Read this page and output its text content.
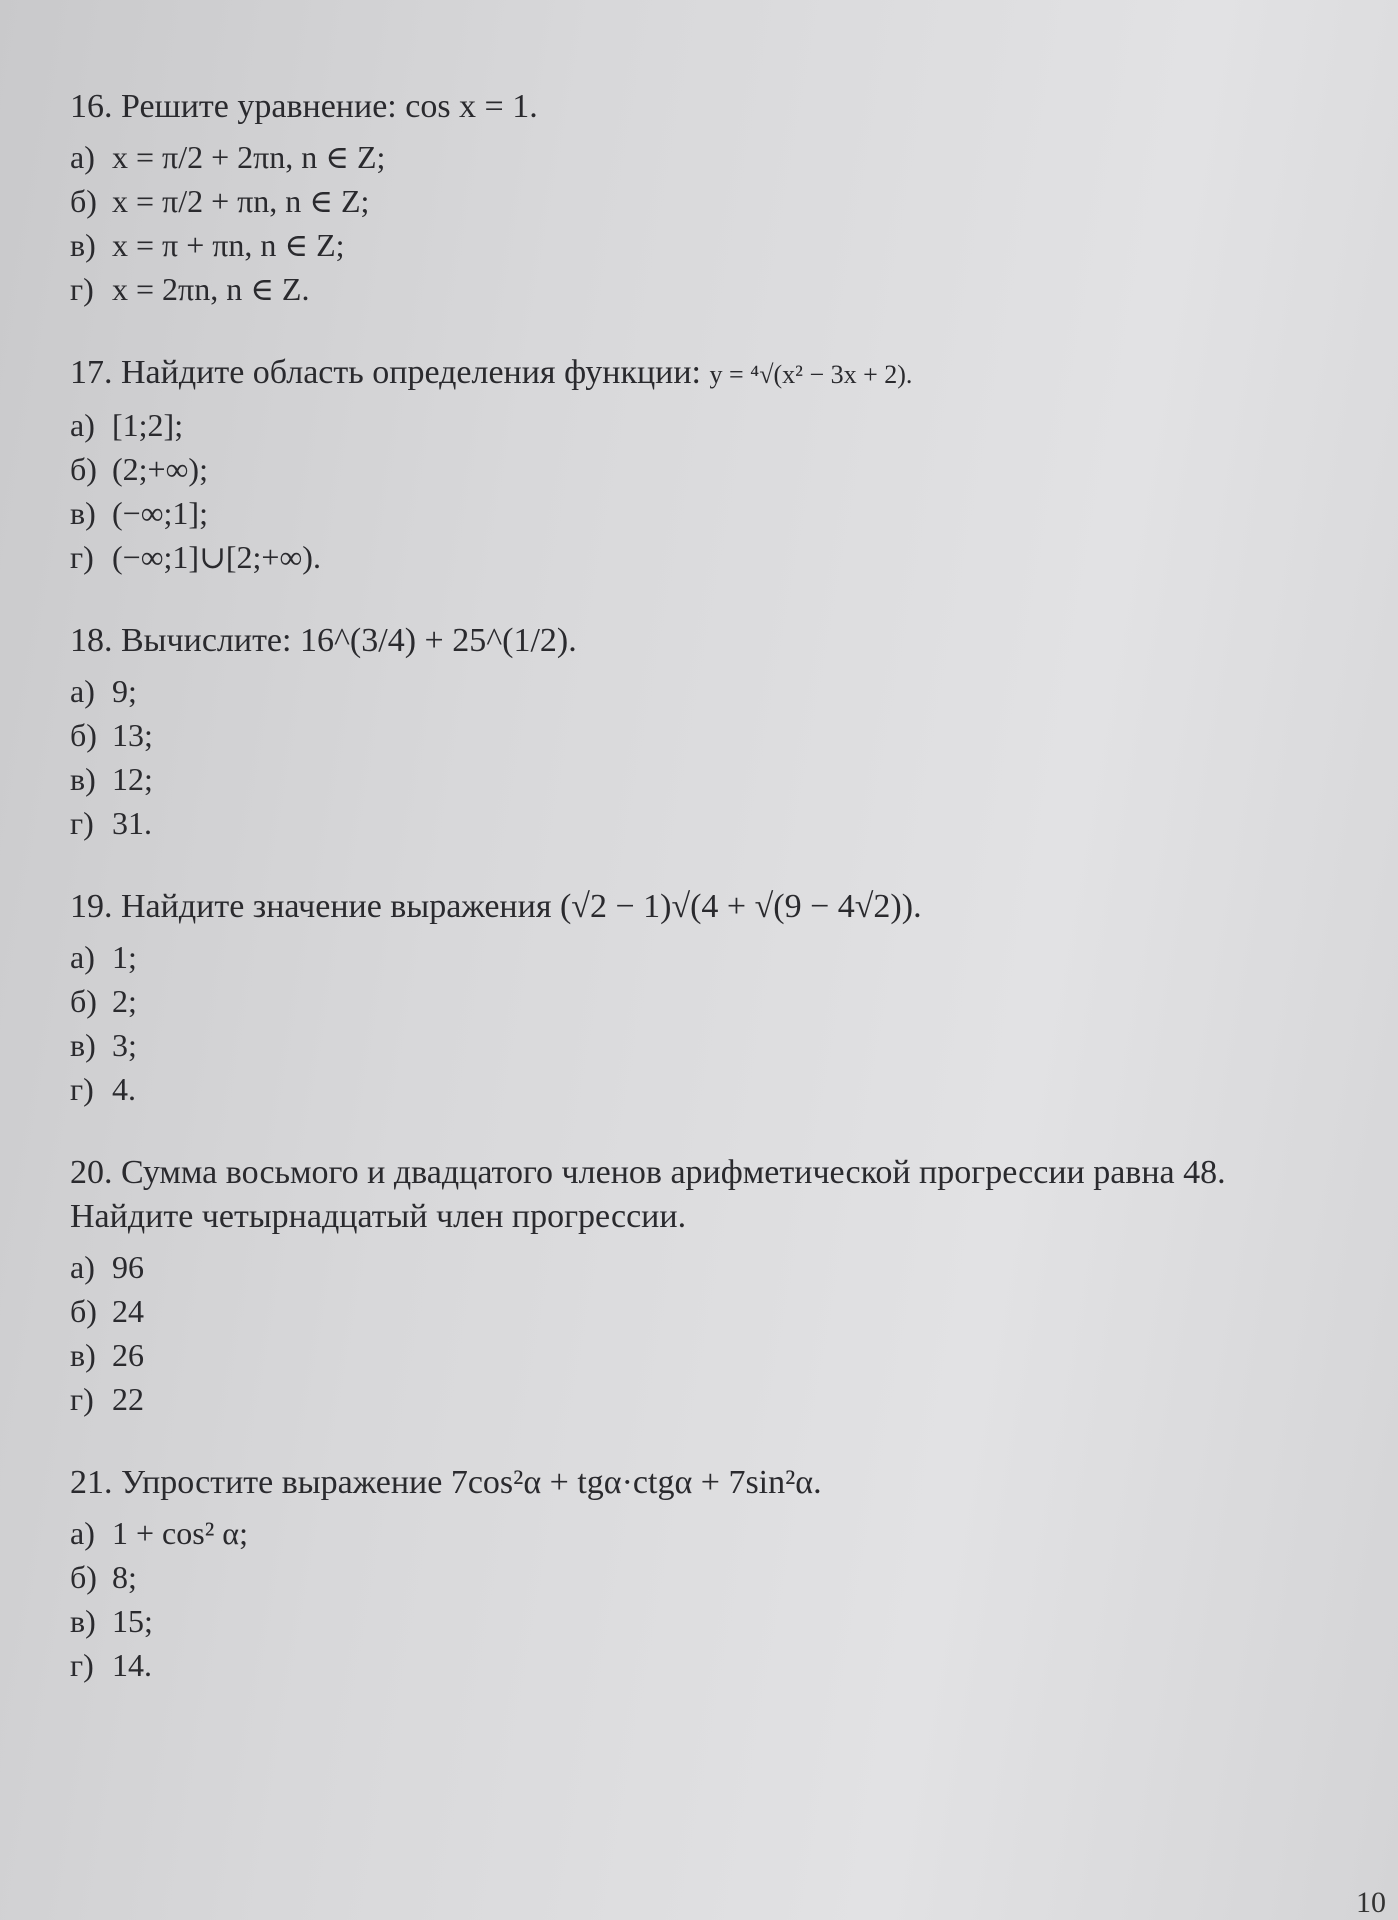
16. Решите уравнение: cos x = 1.
а) x = π/2 + 2πn, n ∈ Z;
б) x = π/2 + πn, n ∈ Z;
в) x = π + πn, n ∈ Z;
г) x = 2πn, n ∈ Z.
17. Найдите область определения функции: y = ⁴√(x² − 3x + 2).
а) [1;2];
б) (2;+∞);
в) (−∞;1];
г) (−∞;1]∪[2;+∞).
18. Вычислите: 16^(3/4) + 25^(1/2).
а) 9;
б) 13;
в) 12;
г) 31.
19. Найдите значение выражения (√2 − 1)√(4 + √(9 − 4√2)).
а) 1;
б) 2;
в) 3;
г) 4.
20. Сумма восьмого и двадцатого членов арифметической прогрессии равна 48.
Найдите четырнадцатый член прогрессии.
а) 96
б) 24
в) 26
г) 22
21. Упростите выражение 7cos²α + tgα·ctgα + 7sin²α.
а) 1 + cos² α;
б) 8;
в) 15;
г) 14.
10
